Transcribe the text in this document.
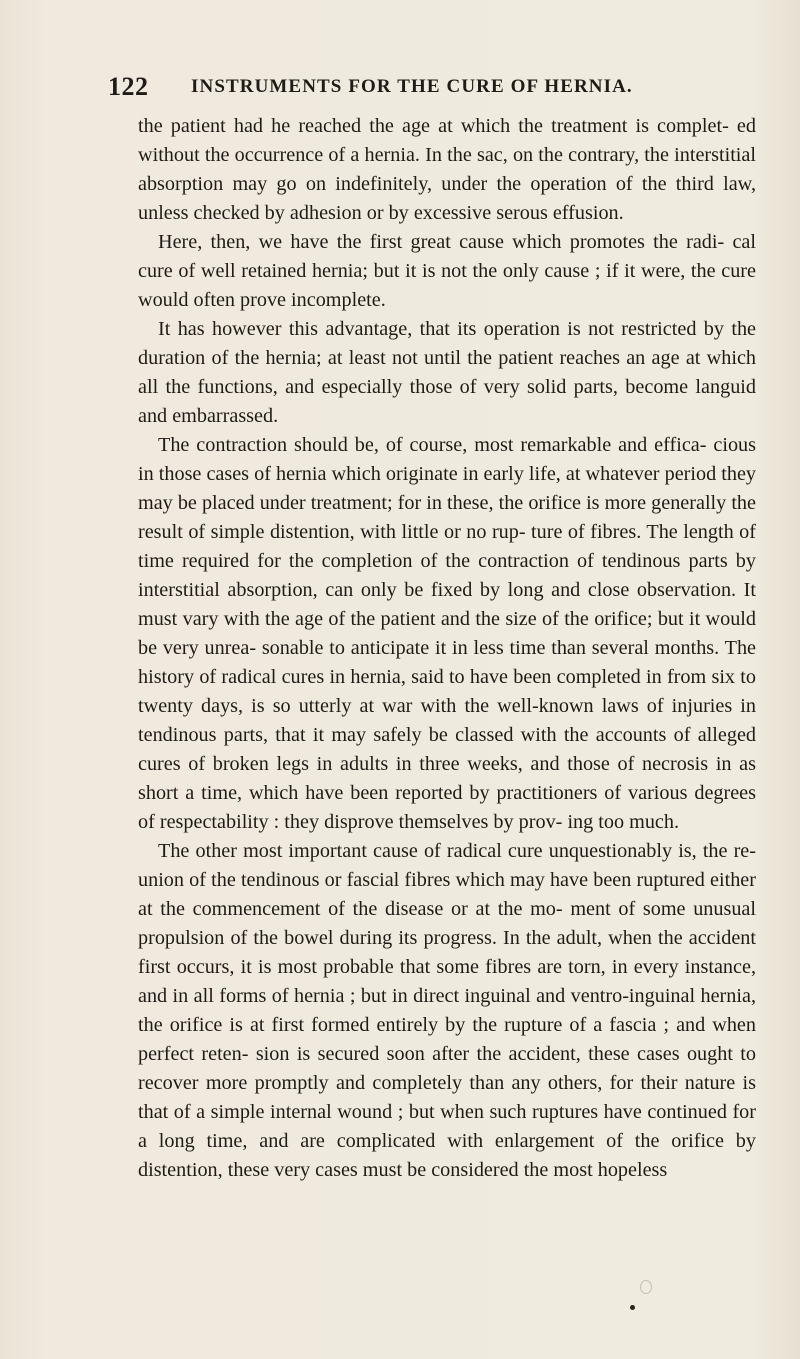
122 INSTRUMENTS FOR THE CURE OF HERNIA.

the patient had he reached the age at which the treatment is complet- ed without the occurrence of a hernia. In the sac, on the contrary, the interstitial absorption may go on indefinitely, under the operation of the third law, unless checked by adhesion or by excessive serous effusion.

Here, then, we have the first great cause which promotes the radi- cal cure of well retained hernia; but it is not the only cause ; if it were, the cure would often prove incomplete.

It has however this advantage, that its operation is not restricted by the duration of the hernia; at least not until the patient reaches an age at which all the functions, and especially those of very solid parts, become languid and embarrassed.

The contraction should be, of course, most remarkable and effica- cious in those cases of hernia which originate in early life, at whatever period they may be placed under treatment; for in these, the orifice is more generally the result of simple distention, with little or no rup- ture of fibres. The length of time required for the completion of the contraction of tendinous parts by interstitial absorption, can only be fixed by long and close observation. It must vary with the age of the patient and the size of the orifice; but it would be very unrea- sonable to anticipate it in less time than several months. The history of radical cures in hernia, said to have been completed in from six to twenty days, is so utterly at war with the well-known laws of injuries in tendinous parts, that it may safely be classed with the accounts of alleged cures of broken legs in adults in three weeks, and those of necrosis in as short a time, which have been reported by practitioners of various degrees of respectability : they disprove themselves by prov- ing too much.

The other most important cause of radical cure unquestionably is, the re-union of the tendinous or fascial fibres which may have been ruptured either at the commencement of the disease or at the mo- ment of some unusual propulsion of the bowel during its progress. In the adult, when the accident first occurs, it is most probable that some fibres are torn, in every instance, and in all forms of hernia ; but in direct inguinal and ventro-inguinal hernia, the orifice is at first formed entirely by the rupture of a fascia ; and when perfect reten- sion is secured soon after the accident, these cases ought to recover more promptly and completely than any others, for their nature is that of a simple internal wound ; but when such ruptures have continued for a long time, and are complicated with enlargement of the orifice by distention, these very cases must be considered the most hopeless
